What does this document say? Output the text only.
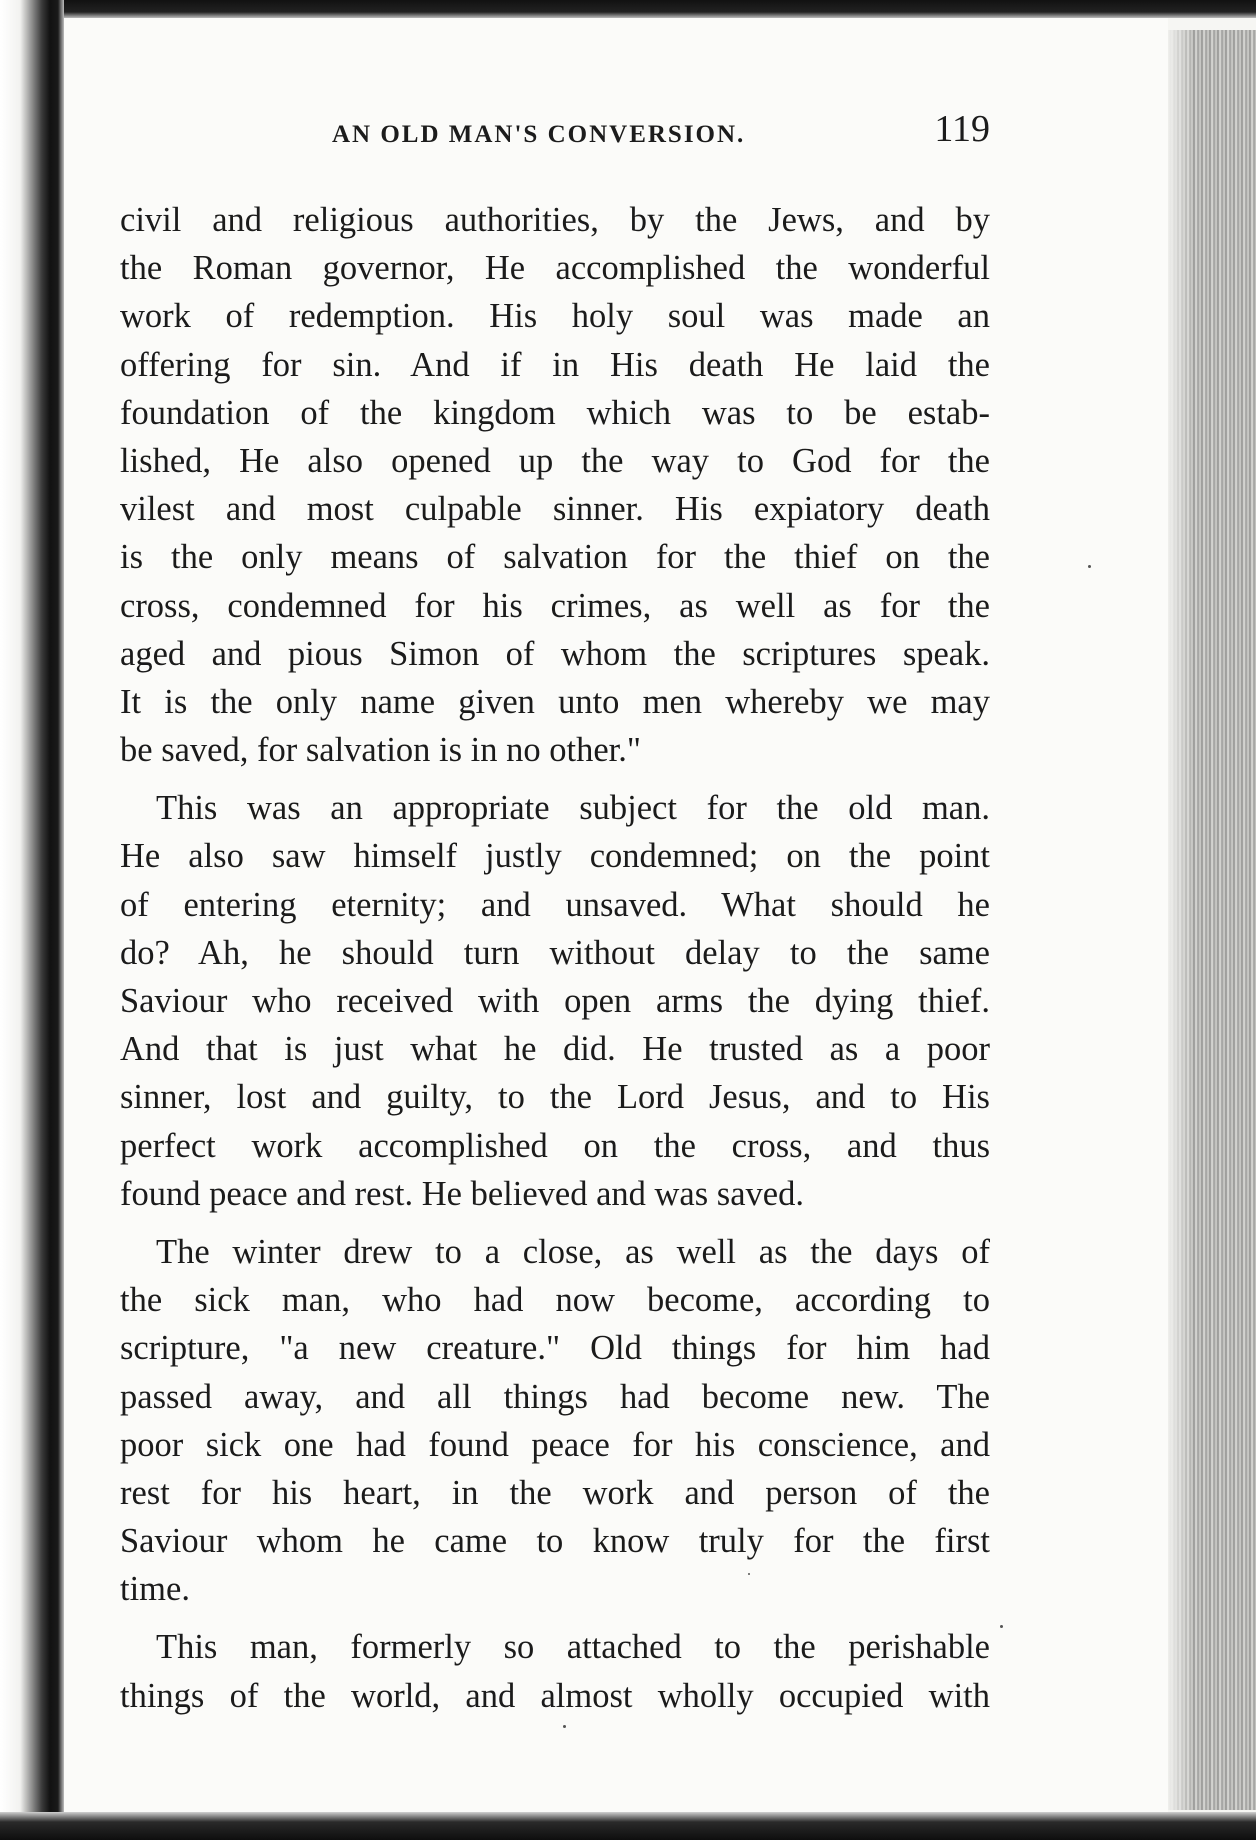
AN OLD MAN'S CONVERSION.	119
civil and religious authorities, by the Jews, and by
the Roman governor, He accomplished the wonderful
work of redemption. His holy soul was made an
offering for sin. And if in His death He laid the
foundation of the kingdom which was to be estab-
lished, He also opened up the way to God for the
vilest and most culpable sinner. His expiatory death
is the only means of salvation for the thief on the
cross, condemned for his crimes, as well as for the
aged and pious Simon of whom the scriptures speak.
It is the only name given unto men whereby we may
be saved, for salvation is in no other."
This was an appropriate subject for the old man.
He also saw himself justly condemned; on the point
of entering eternity; and unsaved. What should he
do? Ah, he should turn without delay to the same
Saviour who received with open arms the dying thief.
And that is just what he did. He trusted as a poor
sinner, lost and guilty, to the Lord Jesus, and to His
perfect work accomplished on the cross, and thus
found peace and rest. He believed and was saved.
The winter drew to a close, as well as the days of
the sick man, who had now become, according to
scripture, "a new creature." Old things for him had
passed away, and all things had become new. The
poor sick one had found peace for his conscience, and
rest for his heart, in the work and person of the
Saviour whom he came to know truly for the first
time.
This man, formerly so attached to the perishable
things of the world, and almost wholly occupied with
